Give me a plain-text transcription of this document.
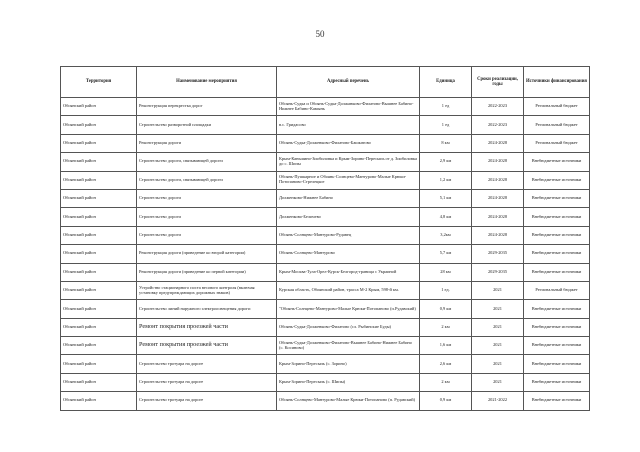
50
Территория	Наименование мероприятия	Адресный перечень	Единица	Сроки реализации, годы	Источники финансирования
Обоянский район	Реконструкция перекрестка дорог	Обоянь-Судка и Обоянь-Судка-Должанково-Филатово-Вышнее Бабино-Нижнее Бабино-Камынь	1 ед	2022-2023	Региональный бюджет
Обоянский район	Строительство разворотной площадки	в.с. Гридасово	1 ед	2022-2023	Региональный бюджет
Обоянский район	Реконструкция дороги	Обоянь-Судка-Долженково-Филатово-Башкатово	8 км	2024-2028	Региональный бюджет
Обоянский район	Строительство дороги, связывающей дороги	Крым-Каньшино-Зиобиловка и Крым-Зорино-Пересыпь от д. Зиобиловка до с. Шипы	2,9 км	2024-2028	Внебюджетные источники
Обоянский район	Строительство дороги, связывающей дороги	Обоянь-Пушкарное и Обоянь-Солнцево-Мантурово-Малые Крюки-Потопаново-Стрелецкое	1,2 км	2024-2028	Внебюджетные источники
Обоянский район	Строительство дороги	Долженково-Нижнее Бабино	5,1 км	2024-2028	Внебюджетные источники
Обоянский район	Строительство дороги	Долженково-Беличево	4,8 км	2024-2028	Внебюджетные источники
Обоянский район	Строительство дороги	Обоянь-Солнцево-Мантурово-Рудавец	3,2км	2024-2028	Внебюджетные источники
Обоянский район	Реконструкция дороги (приведение ко второй категории)	Обоянь-Солнцево-Мантурово	5,7 км	2029-2035	Внебюджетные источники
Обоянский район	Реконструкция дороги (приведение ко первой категории)	Крым-Москва-Тула-Орел-Курск-Белгород-граница с Украиной	28 км	2029-2035	Внебюджетные источники
Обоянский район	Устройство стационарного поста весового контроля (включая установку предупреждающих дорожных знаков)	Курская область, Обоянский район, трасса М-2 Крым, 598-й км.	1 ед.	2021	Региональный бюджет
Обоянский район	Строительство линий наружного электроосвещения дороги	"Обоянь-Солнцево-Мантурово-Малые Крюки-Потопаново (п.Рудавский)	0,9 км	2021	Внебюджетные источники
Обоянский район	Ремонт покрытия проезжей части	Обоянь-Судка-Долженково-Филатово (сл. Рыбинские Буды)	2 км	2021	Внебюджетные источники
Обоянский район	Ремонт покрытия проезжей части	Обоянь-Судка-Долженково-Филатово-Вышнее Бабино-Нижнее Бабино (с. Косиново)	1,6 км	2021	Внебюджетные источники
Обоянский район	Строительство тротуара на дороге	Крым-Зорино-Пересыпь (с. Зорино)	2,6 км	2021	Внебюджетные источники
Обоянский район	Строительство тротуара на дороге	Крым-Зорино-Пересыпь (с. Шипы)	2 км	2021	Внебюджетные источники
Обоянский район	Строительство тротуара на дороге	Обоянь-Солнцево-Мантурово-Малые Крюки-Потопаново (п. Рудавский)	0,9 км	2021-2022	Внебюджетные источники
